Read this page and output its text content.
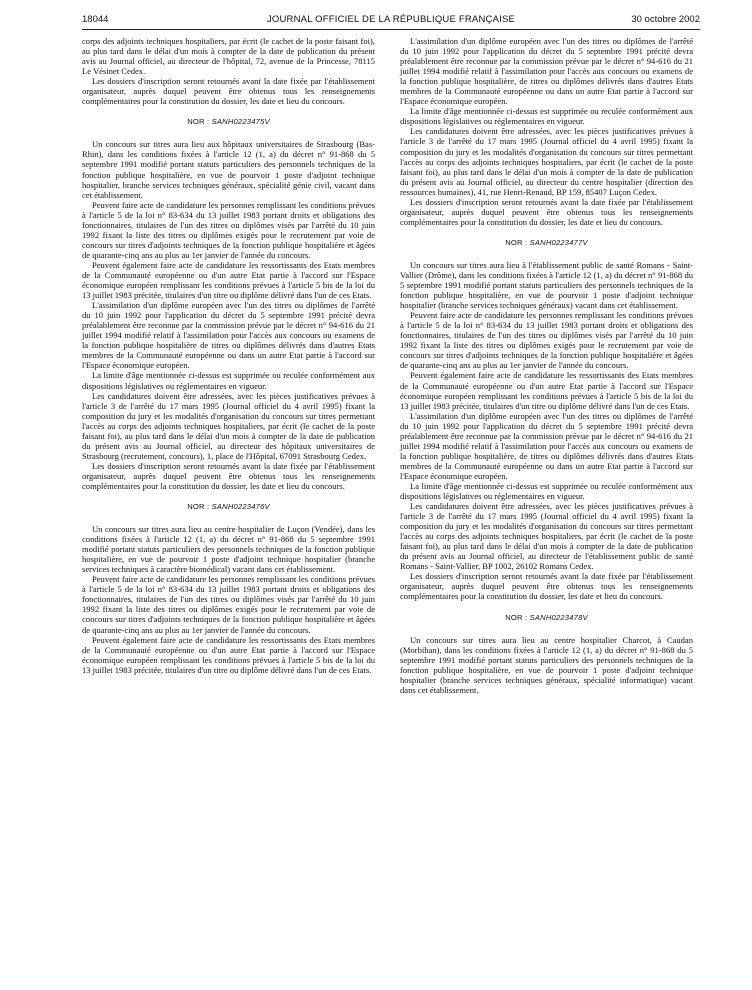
18044	JOURNAL OFFICIEL DE LA RÉPUBLIQUE FRANÇAISE	30 octobre 2002

corps des adjoints techniques hospitaliers, par écrit (le cachet de la poste faisant foi), au plus tard dans le délai d'un mois à compter de la date de publication du présent avis au Journal officiel, au directeur de l'hôpital, 72, avenue de la Princesse, 78115 Le Vésinet Cedex.

Les dossiers d'inscription seront retournés avant la date fixée par l'établissement organisateur, auprès duquel peuvent être obtenus tous les renseignements complémentaires pour la constitution du dossier, les date et lieu du concours.

NOR : SANH0223475V

Un concours sur titres aura lieu aux hôpitaux universitaires de Strasbourg (Bas-Rhin), dans les conditions fixées à l'article 12 (1, a) du décret n° 91-868 du 5 septembre 1991 modifié portant statuts particuliers des personnels techniques de la fonction publique hospitalière, en vue de pourvoir 1 poste d'adjoint technique hospitalier, branche services techniques généraux, spécialité génie civil, vacant dans cet établissement.

Peuvent faire acte de candidature les personnes remplissant les conditions prévues à l'article 5 de la loi n° 83-634 du 13 juillet 1983 portant droits et obligations des fonctionnaires, titulaires de l'un des titres ou diplômes visés par l'arrêté du 10 juin 1992 fixant la liste des titres ou diplômes exigés pour le recrutement par voie de concours sur titres d'adjoints techniques de la fonction publique hospitalière et âgées de quarante-cinq ans au plus au 1er janvier de l'année du concours.

Peuvent également faire acte de candidature les ressortissants des Etats membres de la Communauté européenne ou d'un autre Etat partie à l'accord sur l'Espace économique européen remplissant les conditions prévues à l'article 5 bis de la loi du 13 juillet 1983 précitée, titulaires d'un titre ou diplôme délivré dans l'un de ces Etats.

L'assimilation d'un diplôme européen avec l'un des titres ou diplômes de l'arrêté du 10 juin 1992 pour l'application du décret du 5 septembre 1991 précité devra préalablement être reconnue par la commission prévue par le décret n° 94-616 du 21 juillet 1994 modifié relatif à l'assimilation pour l'accès aux concours ou examens de la fonction publique hospitalière de titres ou diplômes délivrés dans d'autres Etats membres de la Communauté européenne ou dans un autre Etat partie à l'accord sur l'Espace économique européen.

La limite d'âge mentionnée ci-dessus est supprimée ou reculée conformément aux dispositions législatives ou réglementaires en vigueur.

Les candidatures doivent être adressées, avec les pièces justificatives prévues à l'article 3 de l'arrêté du 17 mars 1995 (Journal officiel du 4 avril 1995) fixant la composition du jury et les modalités d'organisation du concours sur titres permettant l'accès au corps des adjoints techniques hospitaliers, par écrit (le cachet de la poste faisant foi), au plus tard dans le délai d'un mois à compter de la date de publication du présent avis au Journal officiel, au directeur des hôpitaux universitaires de Strasbourg (recrutement, concours), 1, place de l'Hôpital, 67091 Strasbourg Cedex.

Les dossiers d'inscription seront retournés avant la date fixée par l'établissement organisateur, auprès duquel peuvent être obtenus tous les renseignements complémentaires pour la constitution du dossier, les date et lieu du concours.

NOR : SANH0223476V

Un concours sur titres aura lieu au centre hospitalier de Luçon (Vendée), dans les conditions fixées à l'article 12 (1, a) du décret n° 91-868 du 5 septembre 1991 modifié portant statuts particuliers des personnels techniques de la fonction publique hospitalière, en vue de pourvoir 1 poste d'adjoint technique hospitalier (branche services techniques à caractère biomédical) vacant dans cet établissement.

Peuvent faire acte de candidature les personnes remplissant les conditions prévues à l'article 5 de la loi n° 83-634 du 13 juillet 1983 portant droits et obligations des fonctionnaires, titulaires de l'un des titres ou diplômes visés par l'arrêté du 10 juin 1992 fixant la liste des titres ou diplômes exigés pour le recrutement par voie de concours sur titres d'adjoints techniques de la fonction publique hospitalière et âgées de quarante-cinq ans au plus au 1er janvier de l'année du concours.

Peuvent également faire acte de candidature les ressortissants des Etats membres de la Communauté européenne ou d'un autre Etat partie à l'accord sur l'Espace économique européen remplissant les conditions prévues à l'article 5 bis de la loi du 13 juillet 1983 précitée, titulaires d'un titre ou diplôme délivré dans l'un de ces Etats.

L'assimilation d'un diplôme européen avec l'un des titres ou diplômes de l'arrêté du 10 juin 1992 pour l'application du décret du 5 septembre 1991 précité devra préalablement être reconnue par la commission prévue par le décret n° 94-616 du 21 juillet 1994 modifié relatif à l'assimilation pour l'accès aux concours ou examens de la fonction publique hospitalière, de titres ou diplômes délivrés dans d'autres Etats membres de la Communauté européenne ou dans un autre Etat partie à l'accord sur l'Espace économique européen.

La limite d'âge mentionnée ci-dessus est supprimée ou reculée conformément aux dispositions législatives ou réglementaires en vigueur.

Les candidatures doivent être adressées, avec les pièces justificatives prévues à l'article 3 de l'arrêté du 17 mars 1995 (Journal officiel du 4 avril 1995) fixant la composition du jury et les modalités d'organisation du concours sur titres permettant l'accès au corps des adjoints techniques hospitaliers, par écrit (le cachet de la poste faisant foi), au plus tard dans le délai d'un mois à compter de la date de publication du présent avis au Journal officiel, au directeur du centre hospitalier (direction des ressources humaines), 41, rue Henri-Renaud, BP 159, 85407 Luçon Cedex.

Les dossiers d'inscription seront retournés avant la date fixée par l'établissement organisateur, auprès duquel peuvent être obtenus tous les renseignements complémentaires pour la constitution du dossier, les date et lieu du concours.

NOR : SANH0223477V

Un concours sur titres aura lieu à l'établissement public de santé Romans - Saint-Vallier (Drôme), dans les conditions fixées à l'article 12 (1, a) du décret n° 91-868 du 5 septembre 1991 modifié portant statuts particuliers des personnels techniques de la fonction publique hospitalière, en vue de pourvoir 1 poste d'adjoint technique hospitalier (branche services techniques généraux) vacant dans cet établissement.

Peuvent faire acte de candidature les personnes remplissant les conditions prévues à l'article 5 de la loi n° 83-634 du 13 juillet 1983 portant droits et obligations des fonctionnaires, titulaires de l'un des titres ou diplômes visés par l'arrêté du 10 juin 1992 fixant la liste des titres ou diplômes exigés pour le recrutement par voie de concours sur titres d'adjoints techniques de la fonction publique hospitalière et âgées de quarante-cinq ans au plus au 1er janvier de l'année du concours.

Peuvent également faire acte de candidature les ressortissants des Etats membres de la Communauté européenne ou d'un autre Etat partie à l'accord sur l'Espace économique européen remplissant les conditions prévues à l'article 5 bis de la loi du 13 juillet 1983 précitée, titulaires d'un titre ou diplôme délivré dans l'un de ces Etats.

L'assimilation d'un diplôme européen avec l'un des titres ou diplômes de l'arrêté du 10 juin 1992 pour l'application du décret du 5 septembre 1991 précité devra préalablement être reconnue par la commission prévue par le décret n° 94-616 du 21 juillet 1994 modifié relatif à l'assimilation pour l'accès aux concours ou examens de la fonction publique hospitalière, de titres ou diplômes délivrés dans d'autres Etats membres de la Communauté européenne ou dans un autre Etat partie à l'accord sur l'Espace économique européen.

La limite d'âge mentionnée ci-dessus est supprimée ou reculée conformément aux dispositions législatives ou réglementaires en vigueur.

Les candidatures doivent être adressées, avec les pièces justificatives prévues à l'article 3 de l'arrêté du 17 mars 1995 (Journal officiel du 4 avril 1995) fixant la composition du jury et les modalités d'organisation du concours sur titres permettant l'accès au corps des adjoints techniques hospitaliers, par écrit (le cachet de la poste faisant foi), au plus tard dans le délai d'un mois à compter de la date de publication du présent avis au Journal officiel, au directeur de l'établissement public de santé Romans - Saint-Vallier, BP 1002, 26102 Romans Cedex.

Les dossiers d'inscription seront retournés avant la date fixée par l'établissement organisateur, auprès duquel peuvent être obtenus tous les renseignements complémentaires pour la constitution du dossier, les date et lieu du concours.

NOR : SANH0223478V

Un concours sur titres aura lieu au centre hospitalier Charcot, à Caudan (Morbihan), dans les conditions fixées à l'article 12 (1, a) du décret n° 91-868 du 5 septembre 1991 modifié portant statuts particuliers des personnels techniques de la fonction publique hospitalière, en vue de pourvoir 1 poste d'adjoint technique hospitalier (branche services techniques généraux, spécialité informatique) vacant dans cet établissement.
